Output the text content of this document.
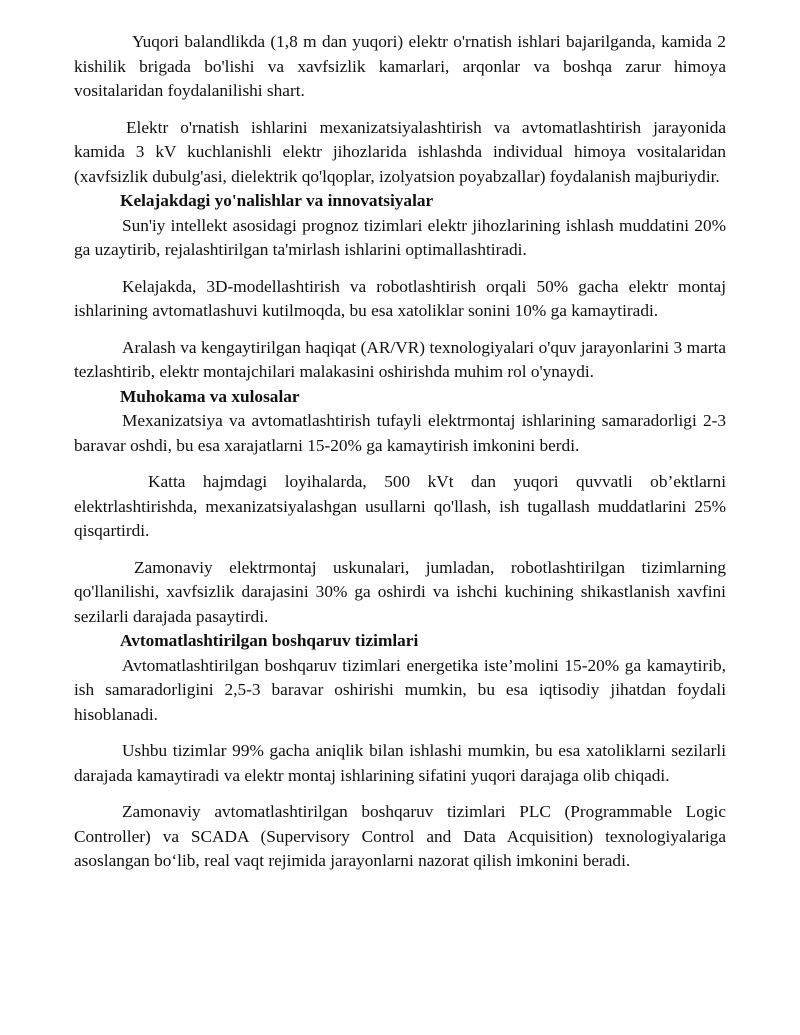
Yuqori balandlikda (1,8 m dan yuqori) elektr o'rnatish ishlari bajarilganda, kamida 2 kishilik brigada bo'lishi va xavfsizlik kamarlari, arqonlar va boshqa zarur himoya vositalaridan foydalanilishi shart.

Elektr o'rnatish ishlarini mexanizatsiyalashtirish va avtomatlashtirish jarayonida kamida 3 kV kuchlanishli elektr jihozlarida ishlashda individual himoya vositalaridan (xavfsizlik dubulg'asi, dielektrik qo'lqoplar, izolyatsion poyabzallar) foydalanish majburiydir.

Kelajakdagi yo'nalishlar va innovatsiyalar

Sun'iy intellekt asosidagi prognoz tizimlari elektr jihozlarining ishlash muddatini 20% ga uzaytirib, rejalashtirilgan ta'mirlash ishlarini optimallashtiradi.

Kelajakda, 3D-modellashtirish va robotlashtirish orqali 50% gacha elektr montaj ishlarining avtomatlashuvi kutilmoqda, bu esa xatoliklar sonini 10% ga kamaytiradi.

Aralash va kengaytirilgan haqiqat (AR/VR) texnologiyalari o'quv jarayonlarini 3 marta tezlashtirib, elektr montajchilari malakasini oshirishda muhim rol o'ynaydi.

Muhokama va xulosalar

Mexanizatsiya va avtomatlashtirish tufayli elektrmontaj ishlarining samaradorligi 2-3 baravar oshdi, bu esa xarajatlarni 15-20% ga kamaytirish imkonini berdi.

Katta hajmdagi loyihalarda, 500 kVt dan yuqori quvvatli ob’ektlarni elektrlashtirishda, mexanizatsiyalashgan usullarni qo'llash, ish tugallash muddatlarini 25% qisqartirdi.

Zamonaviy elektrmontaj uskunalari, jumladan, robotlashtirilgan tizimlarning qo'llanilishi, xavfsizlik darajasini 30% ga oshirdi va ishchi kuchining shikastlanish xavfini sezilarli darajada pasaytirdi.

Avtomatlashtirilgan boshqaruv tizimlari

Avtomatlashtirilgan boshqaruv tizimlari energetika iste’molini 15-20% ga kamaytirib, ish samaradorligini 2,5-3 baravar oshirishi mumkin, bu esa iqtisodiy jihatdan foydali hisoblanadi.

Ushbu tizimlar 99% gacha aniqlik bilan ishlashi mumkin, bu esa xatoliklarni sezilarli darajada kamaytiradi va elektr montaj ishlarining sifatini yuqori darajaga olib chiqadi.

Zamonaviy avtomatlashtirilgan boshqaruv tizimlari PLC (Programmable Logic Controller) va SCADA (Supervisory Control and Data Acquisition) texnologiyalariga asoslangan bo‘lib, real vaqt rejimida jarayonlarni nazorat qilish imkonini beradi.
